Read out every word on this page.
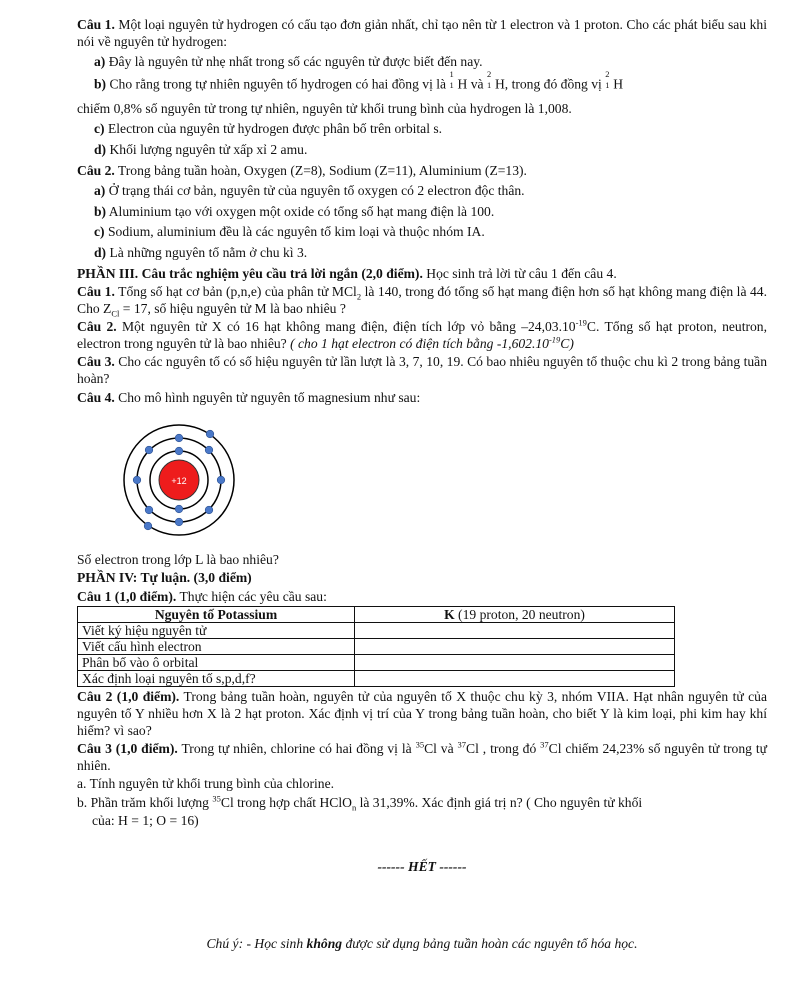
Câu 1. Một loại nguyên tử hydrogen có cấu tạo đơn giản nhất, chỉ tạo nên từ 1 electron và 1 proton. Cho các phát biểu sau khi nói về nguyên tử hydrogen:

a) Đây là nguyên tử nhẹ nhất trong số các nguyên tử được biết đến nay.

b) Cho rằng trong tự nhiên nguyên tố hydrogen có hai đồng vị là
1
1 H và
2
1 H, trong đó đồng vị
2
1 H

chiếm 0,8% số nguyên tử trong tự nhiên, nguyên tử khối trung bình của hydrogen là 1,008.

c) Electron của nguyên tử hydrogen được phân bố trên orbital s.

d) Khối lượng nguyên tử xấp xỉ 2 amu.

Câu 2. Trong bảng tuần hoàn, Oxygen (Z=8), Sodium (Z=11), Aluminium (Z=13).

a) Ở trạng thái cơ bản, nguyên tử của nguyên tố oxygen có 2 electron độc thân.

b) Aluminium tạo với oxygen một oxide có tổng số hạt mang điện là 100.

c) Sodium, aluminium đều là các nguyên tố kim loại và thuộc nhóm IA.

d) Là những nguyên tố nằm ở chu kì 3.

PHẦN III. Câu trắc nghiệm yêu cầu trả lời ngắn (2,0 điểm). Học sinh trả lời từ câu 1 đến câu 4.

Câu 1. Tổng số hạt cơ bản (p,n,e) của phân tử MCl$_2$ là 140, trong đó tổng số hạt mang điện hơn số hạt không mang điện là 44. Cho $Z_{Cl} = 17$, số hiệu nguyên tử M là bao nhiêu ?

Câu 2. Một nguyên tử X có 16 hạt không mang điện, điện tích lớp vỏ bằng $-24,03.10^{-19}C$. Tổng số hạt proton, neutron, electron trong nguyên tử là bao nhiêu? ( cho 1 hạt electron có điện tích bằng $-1,602.10^{-19}C$)

Câu 3. Cho các nguyên tố có số hiệu nguyên tử lần lượt là 3, 7, 10, 19. Có bao nhiêu nguyên tố thuộc chu kì 2 trong bảng tuần hoàn?

Câu 4. Cho mô hình nguyên tử nguyên tố magnesium như sau:

+12

Số electron trong lớp L là bao nhiêu?

PHẦN IV: Tự luận. (3,0 điểm)

Câu 1 (1,0 điểm). Thực hiện các yêu cầu sau:

Nguyên tố Potassium	K (19 proton, 20 neutron)
Viết ký hiệu nguyên tử	
Viết cấu hình electron	
Phân bố vào ô orbital	
Xác định loại nguyên tố s,p,d,f?	

Câu 2 (1,0 điểm). Trong bảng tuần hoàn, nguyên tử của nguyên tố X thuộc chu kỳ 3, nhóm VIIA. Hạt nhân nguyên tử của nguyên tố Y nhiều hơn X là 2 hạt proton. Xác định vị trí của Y trong bảng tuần hoàn, cho biết Y là kim loại, phi kim hay khí hiếm? vì sao?

Câu 3 (1,0 điểm). Trong tự nhiên, chlorine có hai đồng vị là $^{35}$Cl và $^{37}$Cl , trong đó $^{37}$Cl chiếm 24,23% số nguyên tử trong tự nhiên.

a. Tính nguyên tử khối trung bình của chlorine.

b. Phần trăm khối lượng $^{35}$Cl trong hợp chất HClO$_n$ là 31,39%. Xác định giá trị n? ( Cho nguyên tử khối

của: H = 1; O = 16)

------ HẾT ------

Chú ý: - Học sinh không được sử dụng bảng tuần hoàn các nguyên tố hóa học.
